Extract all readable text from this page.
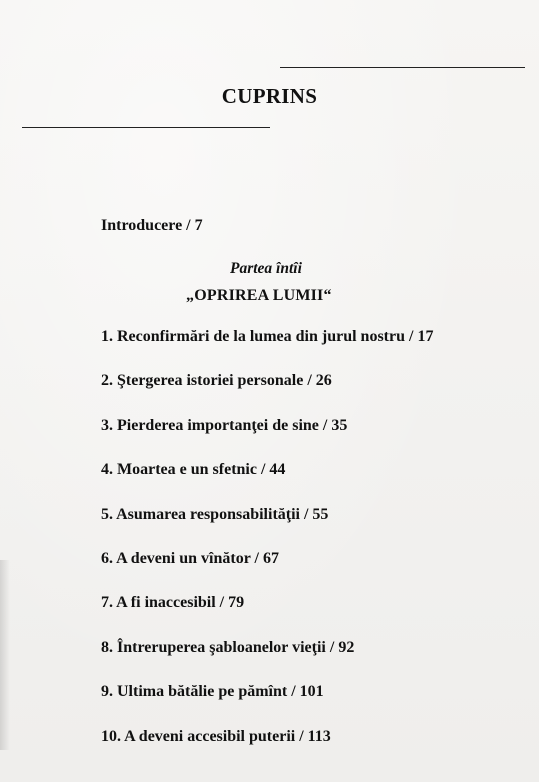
CUPRINS
Introducere / 7
Partea întîi
„OPRIREA LUMII“
1. Reconfirmări de la lumea din jurul nostru / 17
2. Ştergerea istoriei personale / 26
3. Pierderea importanţei de sine / 35
4. Moartea e un sfetnic / 44
5. Asumarea responsabilităţii / 55
6. A deveni un vînător / 67
7. A fi inaccesibil / 79
8. Întreruperea şabloanelor vieţii / 92
9. Ultima bătălie pe pămînt / 101
10. A deveni accesibil puterii / 113
